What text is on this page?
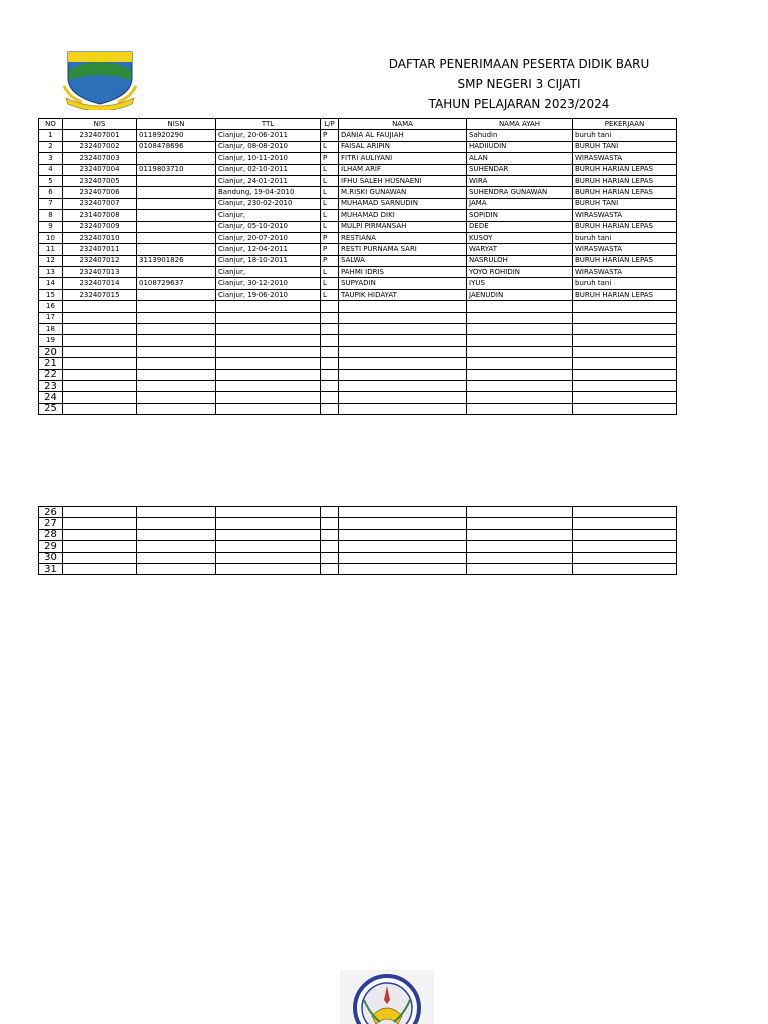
DAFTAR PENERIMAAN PESERTA DIDIK BARU
SMP NEGERI 3 CIJATI
TAHUN PELAJARAN 2023/2024
NO	NIS	NISN	TTL	L/P	NAMA	NAMA AYAH	PEKERJAAN
1	232407001	0118920290	Cianjur, 20-06-2011	P	DANIA AL FAUJIAH	Sahudin	buruh tani
2	232407002	0108478696	Cianjur, 08-08-2010	L	FAISAL ARIPIN	HADIIUDIN	BURUH TANI
3	232407003		Cianjur, 10-11-2010	P	FITRI AULIYANI	ALAN	WIRASWASTA
4	232407004	0119803710	Cianjur, 02-10-2011	L	ILHAM ARIF	SUHENDAR	BURUH HARIAN LEPAS
5	232407005		Cianjur, 24-01-2011	L	IFHU SALEH HUSNAENI	WIRA	BURUH HARIAN LEPAS
6	232407006		Bandung, 19-04-2010	L	M.RISKI GUNAWAN	SUHENDRA GUNAWAN	BURUH HARIAN LEPAS
7	232407007		Cianjur, 230-02-2010	L	MUHAMAD SARNUDIN	JAMA	BURUH TANI
8	231407008		Cianjur,	L	MUHAMAD DIKI	SOPIDIN	WIRASWASTA
9	232407009		Cianjur, 05-10-2010	L	MULPI PIRMANSAH	DEDE	BURUH HARIAN LEPAS
10	232407010		Cianjur, 20-07-2010	P	RESTIANA	KUSOY	buruh tani
11	232407011		Cianjur, 12-04-2011	P	RESTI PURNAMA SARI	WARYAT	WIRASWASTA
12	232407012	3113901826	Cianjur, 18-10-2011	P	SALWA	NASRULOH	BURUH HARIAN LEPAS
13	232407013		Cianjur,	L	PAHMI IDRIS	YOYO ROHIDIN	WIRASWASTA
14	232407014	0108729637	Cianjur, 30-12-2010	L	SUPYADIN	IYUS	buruh tani
15	232407015		Cianjur, 19-06-2010	L	TAUPIK HIDAYAT	JAENUDIN	BURUH HARIAN LEPAS
16							
17							
18							
19							
20							
21							
22							
23							
24							
25							
26							
27							
28							
29							
30							
31							
